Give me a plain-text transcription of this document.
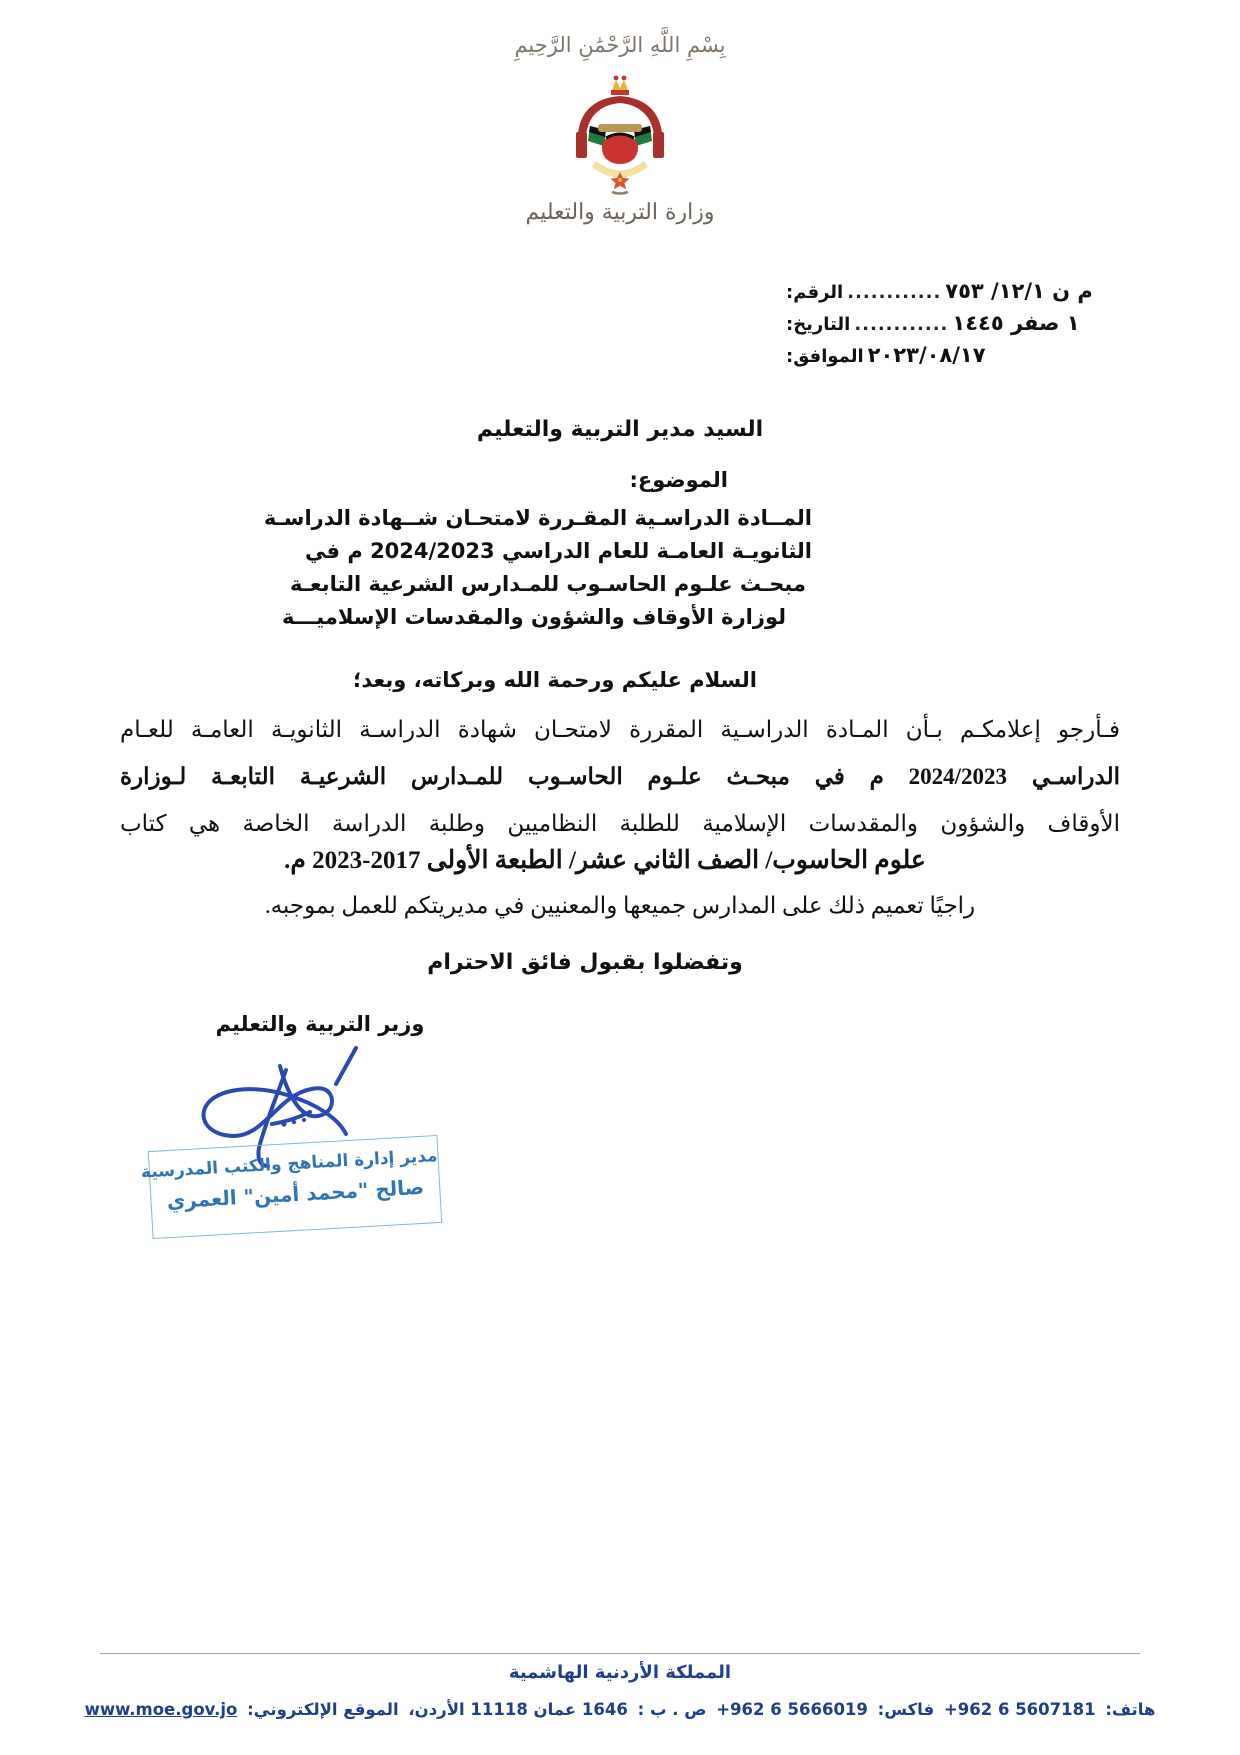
بِسْمِ اللَّهِ الرَّحْمَٰنِ الرَّحِيمِ
وزارة التربية والتعليم
م ن ١٢/١/ ٧٥٣
............
الرقم:
١ صفر ١٤٤٥
............
التاريخ:
٢٠٢٣/٠٨/١٧
الموافق:
السيد مدير التربية والتعليم
الموضوع:
المــادة الدراسـية المقـررة لامتحـان شــهادة الدراسـة
الثانويـة العامـة للعام الدراسي 2024/2023 م في
مبحـث علـوم الحاسـوب للمـدارس الشرعية التابعـة
لوزارة الأوقاف والشؤون والمقدسات الإسلاميـــة
السلام عليكم ورحمة الله وبركاته، وبعد؛
فـأرجو إعلامكـم بـأن المـادة الدراسـية المقررة لامتحـان شهادة الدراسـة الثانويـة العامـة للعـام
الدراسـي 2024/2023 م في مبحـث علـوم الحاسـوب للمـدارس الشرعيـة التابعـة لـوزارة
الأوقاف والشؤون والمقدسات الإسلامية للطلبة النظاميين وطلبة الدراسة الخاصة هي كتاب
علوم الحاسوب/ الصف الثاني عشر/ الطبعة الأولى 2017-2023 م.
راجيًا تعميم ذلك على المدارس جميعها والمعنيين في مديريتكم للعمل بموجبه.
وتفضلوا بقبول فائق الاحترام
وزير التربية والتعليم
مدير إدارة المناهج والكتب المدرسية
صالح "محمد أمين" العمري
المملكة الأردنية الهاشمية
هاتف: 5607181 6 962+ فاكس: 5666019 6 962+ ص . ب : 1646 عمان 11118 الأردن، الموقع الإلكتروني: www.moe.gov.jo
